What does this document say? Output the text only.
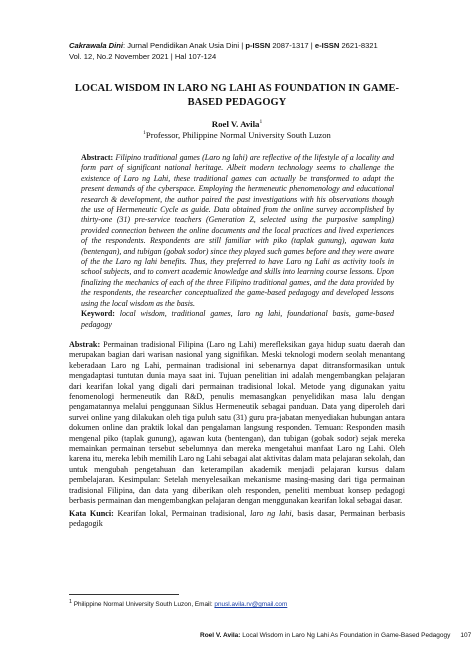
Cakrawala Dini: Jurnal Pendidikan Anak Usia Dini | p-ISSN 2087-1317 | e-ISSN 2621-8321
Vol. 12, No.2 November 2021 | Hal 107-124
LOCAL WISDOM IN LARO NG LAHI AS FOUNDATION IN GAME-BASED PEDAGOGY
Roel V. Avila$^1$
$^1$Professor, Philippine Normal University South Luzon

Abstract: Filipino traditional games (Laro ng lahi) are reflective of the lifestyle of a locality and form part of significant national heritage. Albeit modern technology seems to challenge the existence of Laro ng Lahi, these traditional games can actually be transformed to adapt the present demands of the cyberspace. Employing the hermeneutic phenomenology and educational research & development, the author paired the past investigations with his observations though the use of Hermeneutic Cycle as guide. Data obtained from the online survey accomplished by thirty-one (31) pre-service teachers (Generation Z, selected using the purposive sampling) provided connection between the online documents and the local practices and lived experiences of the respondents. Respondents are still familiar with piko (taplak gunung), agawan kuta (bentengan), and tubigan (gobak sodor) since they played such games before and they were aware of the the Laro ng lahi benefits. Thus, they preferred to have Laro ng Lahi as activity tools in school subjects, and to convert academic knowledge and skills into learning course lessons. Upon finalizing the mechanics of each of the three Filipino traditional games, and the data provided by the respondents, the researcher conceptualized the game-based pedagogy and developed lessons using the local wisdom as the basis.

Keyword: local wisdom, traditional games, laro ng lahi, foundational basis, game-based pedagogy

Abstrak: Permainan tradisional Filipina (Laro ng Lahi) merefleksikan gaya hidup suatu daerah dan merupakan bagian dari warisan nasional yang signifikan. Meski teknologi modern seolah menantang keberadaan Laro ng Lahi, permainan tradisional ini sebenarnya dapat ditransformasikan untuk mengadaptasi tuntutan dunia maya saat ini. Tujuan penelitian ini adalah mengembangkan pelajaran dari kearifan lokal yang digali dari permainan tradisional lokal. Metode yang digunakan yaitu fenomenologi hermeneutik dan R&D, penulis memasangkan penyelidikan masa lalu dengan pengamatannya melalui penggunaan Siklus Hermeneutik sebagai panduan. Data yang diperoleh dari survei online yang dilakukan oleh tiga puluh satu (31) guru pra-jabatan menyediakan hubungan antara dokumen online dan praktik lokal dan pengalaman langsung responden. Temuan: Responden masih mengenal piko (taplak gunung), agawan kuta (bentengan), dan tubigan (gobak sodor) sejak mereka memainkan permainan tersebut sebelumnya dan mereka mengetahui manfaat Laro ng Lahi. Oleh karena itu, mereka lebih memilih Laro ng Lahi sebagai alat aktivitas dalam mata pelajaran sekolah, dan untuk mengubah pengetahuan dan keterampilan akademik menjadi pelajaran kursus dalam pembelajaran. Kesimpulan: Setelah menyelesaikan mekanisme masing-masing dari tiga permainan tradisional Filipina, dan data yang diberikan oleh responden, peneliti membuat konsep pedagogi berbasis permainan dan mengembangkan pelajaran dengan menggunakan kearifan lokal sebagai dasar.

Kata Kunci: Kearifan lokal, Permainan tradisional, laro ng lahi, basis dasar, Permainan berbasis pedagogik

$^1$ Philippine Normal University South Luzon, Email: pnusl.avila.rv@gmail.com
Roel V. Avila: Local Wisdom in Laro Ng Lahi As Foundation in Game-Based Pedagogy 107
